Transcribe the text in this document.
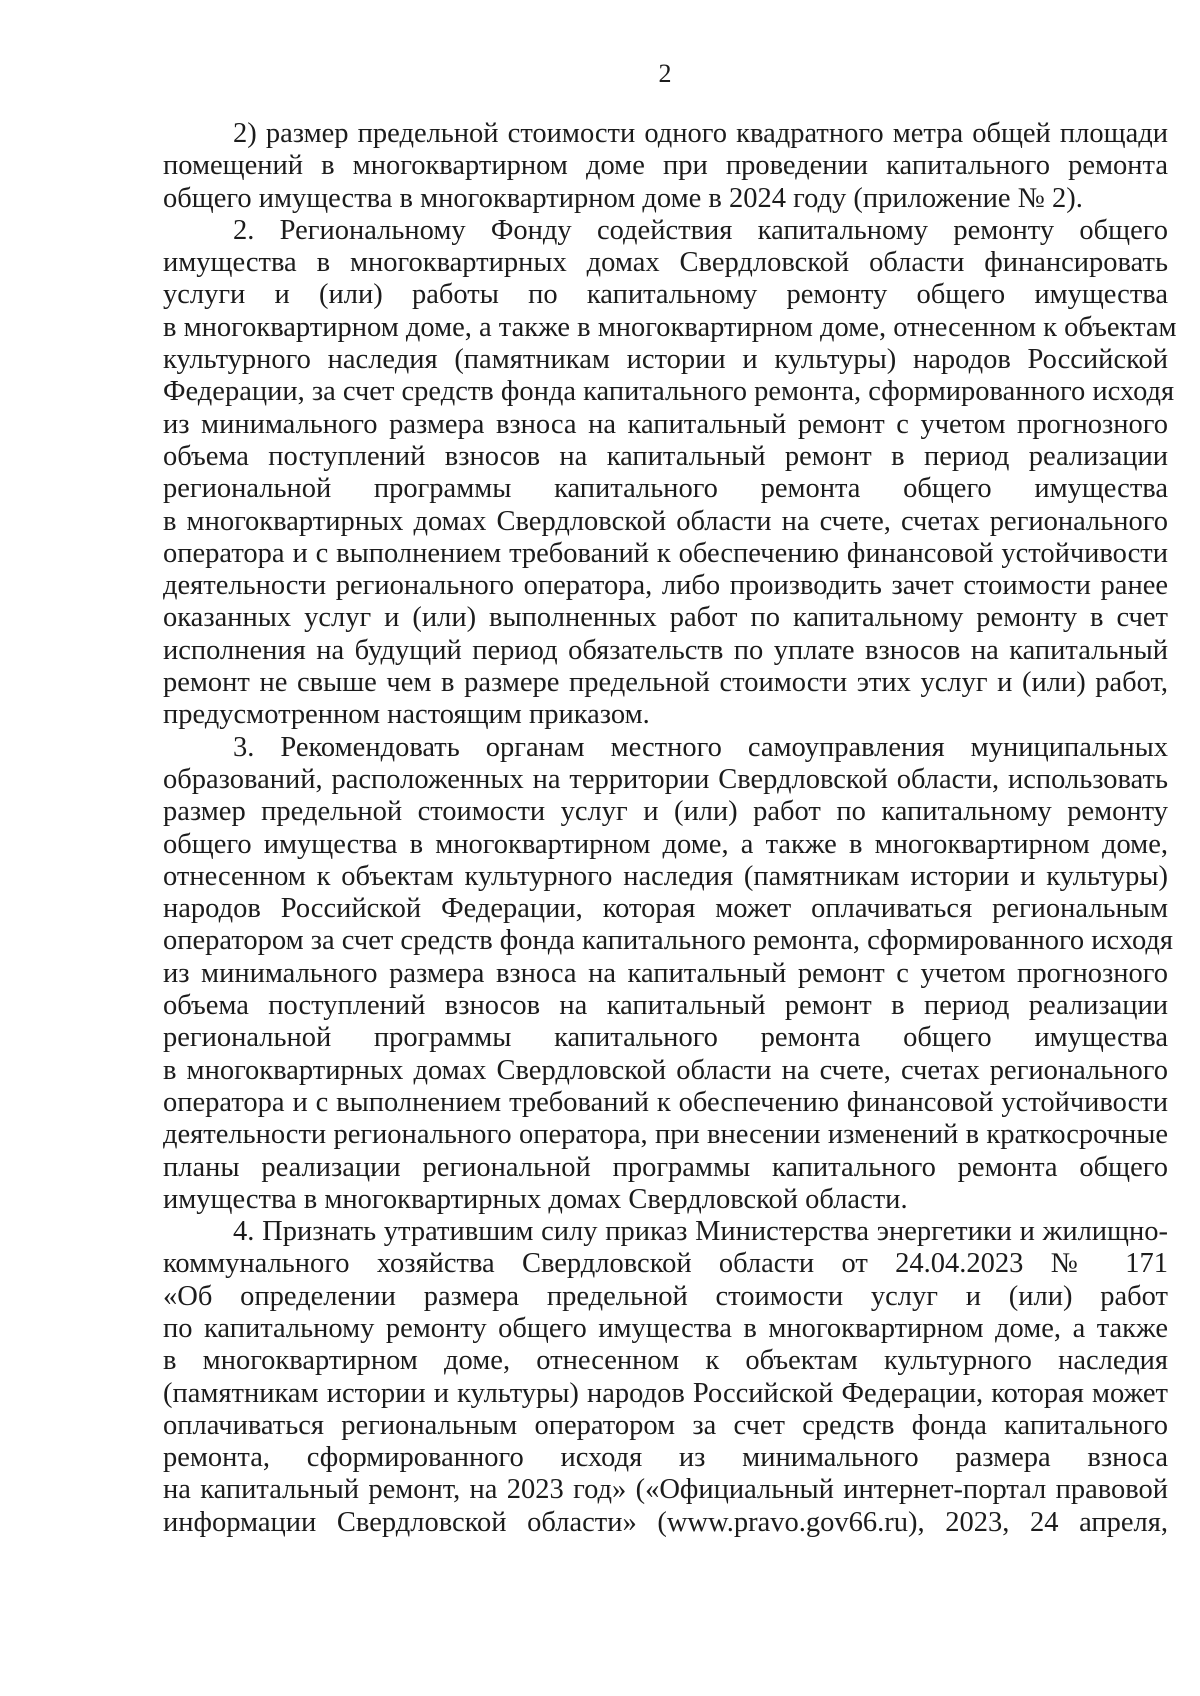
2
2) размер предельной стоимости одного квадратного метра общей площади
помещений в многоквартирном доме при проведении капитального ремонта
общего имущества в многоквартирном доме в 2024 году (приложение № 2).
2. Региональному Фонду содействия капитальному ремонту общего
имущества в многоквартирных домах Свердловской области финансировать
услуги и (или) работы по капитальному ремонту общего имущества
в многоквартирном доме, а также в многоквартирном доме, отнесенном к объектам
культурного наследия (памятникам истории и культуры) народов Российской
Федерации, за счет средств фонда капитального ремонта, сформированного исходя
из минимального размера взноса на капитальный ремонт с учетом прогнозного
объема поступлений взносов на капитальный ремонт в период реализации
региональной программы капитального ремонта общего имущества
в многоквартирных домах Свердловской области на счете, счетах регионального
оператора и с выполнением требований к обеспечению финансовой устойчивости
деятельности регионального оператора, либо производить зачет стоимости ранее
оказанных услуг и (или) выполненных работ по капитальному ремонту в счет
исполнения на будущий период обязательств по уплате взносов на капитальный
ремонт не свыше чем в размере предельной стоимости этих услуг и (или) работ,
предусмотренном настоящим приказом.
3. Рекомендовать органам местного самоуправления муниципальных
образований, расположенных на территории Свердловской области, использовать
размер предельной стоимости услуг и (или) работ по капитальному ремонту
общего имущества в многоквартирном доме, а также в многоквартирном доме,
отнесенном к объектам культурного наследия (памятникам истории и культуры)
народов Российской Федерации, которая может оплачиваться региональным
оператором за счет средств фонда капитального ремонта, сформированного исходя
из минимального размера взноса на капитальный ремонт с учетом прогнозного
объема поступлений взносов на капитальный ремонт в период реализации
региональной программы капитального ремонта общего имущества
в многоквартирных домах Свердловской области на счете, счетах регионального
оператора и с выполнением требований к обеспечению финансовой устойчивости
деятельности регионального оператора, при внесении изменений в краткосрочные
планы реализации региональной программы капитального ремонта общего
имущества в многоквартирных домах Свердловской области.
4. Признать утратившим силу приказ Министерства энергетики и жилищно-
коммунального хозяйства Свердловской области от 24.04.2023 № 171
«Об определении размера предельной стоимости услуг и (или) работ
по капитальному ремонту общего имущества в многоквартирном доме, а также
в многоквартирном доме, отнесенном к объектам культурного наследия
(памятникам истории и культуры) народов Российской Федерации, которая может
оплачиваться региональным оператором за счет средств фонда капитального
ремонта, сформированного исходя из минимального размера взноса
на капитальный ремонт, на 2023 год» («Официальный интернет-портал правовой
информации Свердловской области» (www.pravo.gov66.ru), 2023, 24 апреля,
